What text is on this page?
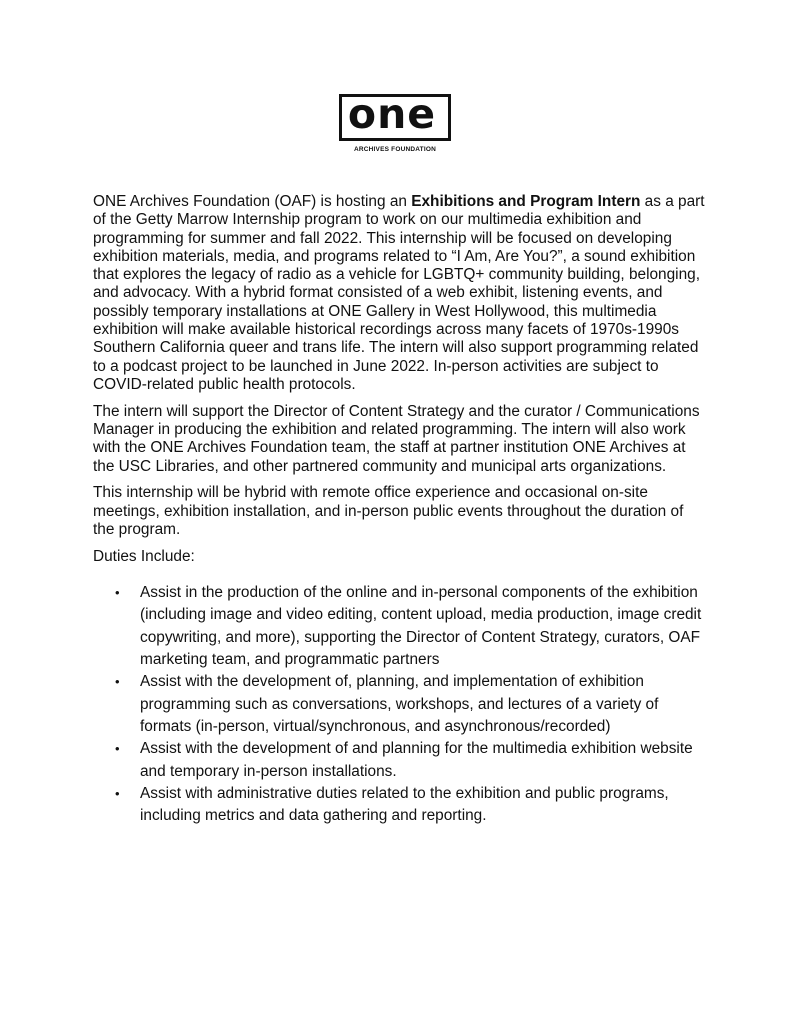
one
ARCHIVES FOUNDATION

ONE Archives Foundation (OAF) is hosting an Exhibitions and Program Intern as a part of the Getty Marrow Internship program to work on our multimedia exhibition and programming for summer and fall 2022. This internship will be focused on developing exhibition materials, media, and programs related to “I Am, Are You?”, a sound exhibition that explores the legacy of radio as a vehicle for LGBTQ+ community building, belonging, and advocacy. With a hybrid format consisted of a web exhibit, listening events, and possibly temporary installations at ONE Gallery in West Hollywood, this multimedia exhibition will make available historical recordings across many facets of 1970s-1990s Southern California queer and trans life. The intern will also support programming related to a podcast project to be launched in June 2022. In-person activities are subject to COVID-related public health protocols.

The intern will support the Director of Content Strategy and the curator / Communications Manager in producing the exhibition and related programming. The intern will also work with the ONE Archives Foundation team, the staff at partner institution ONE Archives at the USC Libraries, and other partnered community and municipal arts organizations.

This internship will be hybrid with remote office experience and occasional on-site meetings, exhibition installation, and in-person public events throughout the duration of the program.

Duties Include:

• Assist in the production of the online and in-personal components of the exhibition (including image and video editing, content upload, media production, image credit copywriting, and more), supporting the Director of Content Strategy, curators, OAF marketing team, and programmatic partners
• Assist with the development of, planning, and implementation of exhibition programming such as conversations, workshops, and lectures of a variety of formats (in-person, virtual/synchronous, and asynchronous/recorded)
• Assist with the development of and planning for the multimedia exhibition website and temporary in-person installations.
• Assist with administrative duties related to the exhibition and public programs, including metrics and data gathering and reporting.
